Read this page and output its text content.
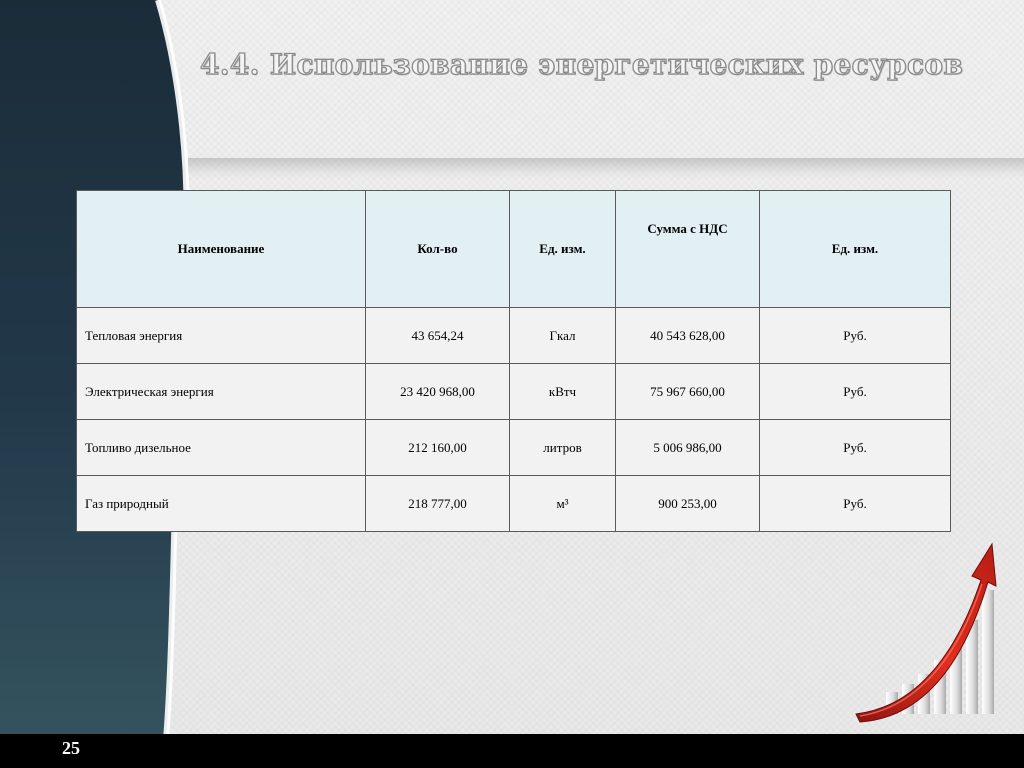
4.4. Использование энергетических ресурсов
Наименование	Кол-во	Ед. изм.	Сумма с НДС	Ед. изм.
Тепловая энергия	43 654,24	Гкал	40 543 628,00	Руб.
Электрическая энергия	23 420 968,00	кВтч	75 967 660,00	Руб.
Топливо дизельное	212 160,00	литров	5 006 986,00	Руб.
Газ природный	218 777,00	м³	900 253,00	Руб.
25
